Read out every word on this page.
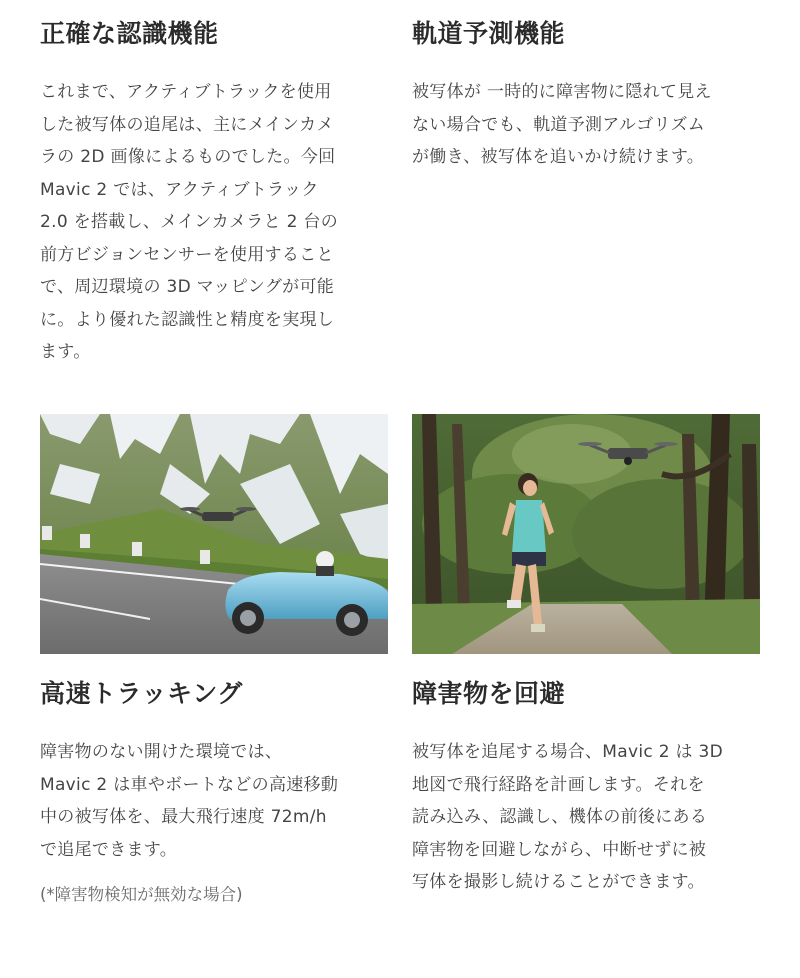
正確な認識機能

これまで、アクティブトラックを使用
した被写体の追尾は、主にメインカメ
ラの 2D 画像によるものでした。今回
Mavic 2 では、アクティブトラック
2.0 を搭載し、メインカメラと 2 台の
前方ビジョンセンサーを使用すること
で、周辺環境の 3D マッピングが可能
に。より優れた認識性と精度を実現し
ます。

軌道予測機能

被写体が 一時的に障害物に隠れて見え
ない場合でも、軌道予測アルゴリズム
が働き、被写体を追いかけ続けます。

高速トラッキング

障害物のない開けた環境では、
Mavic 2 は車やボートなどの高速移動
中の被写体を、最大飛行速度 72m/h
で追尾できます。

(*障害物検知が無効な場合)

障害物を回避

被写体を追尾する場合、Mavic 2 は 3D
地図で飛行経路を計画します。それを
読み込み、認識し、機体の前後にある
障害物を回避しながら、中断せずに被
写体を撮影し続けることができます。
